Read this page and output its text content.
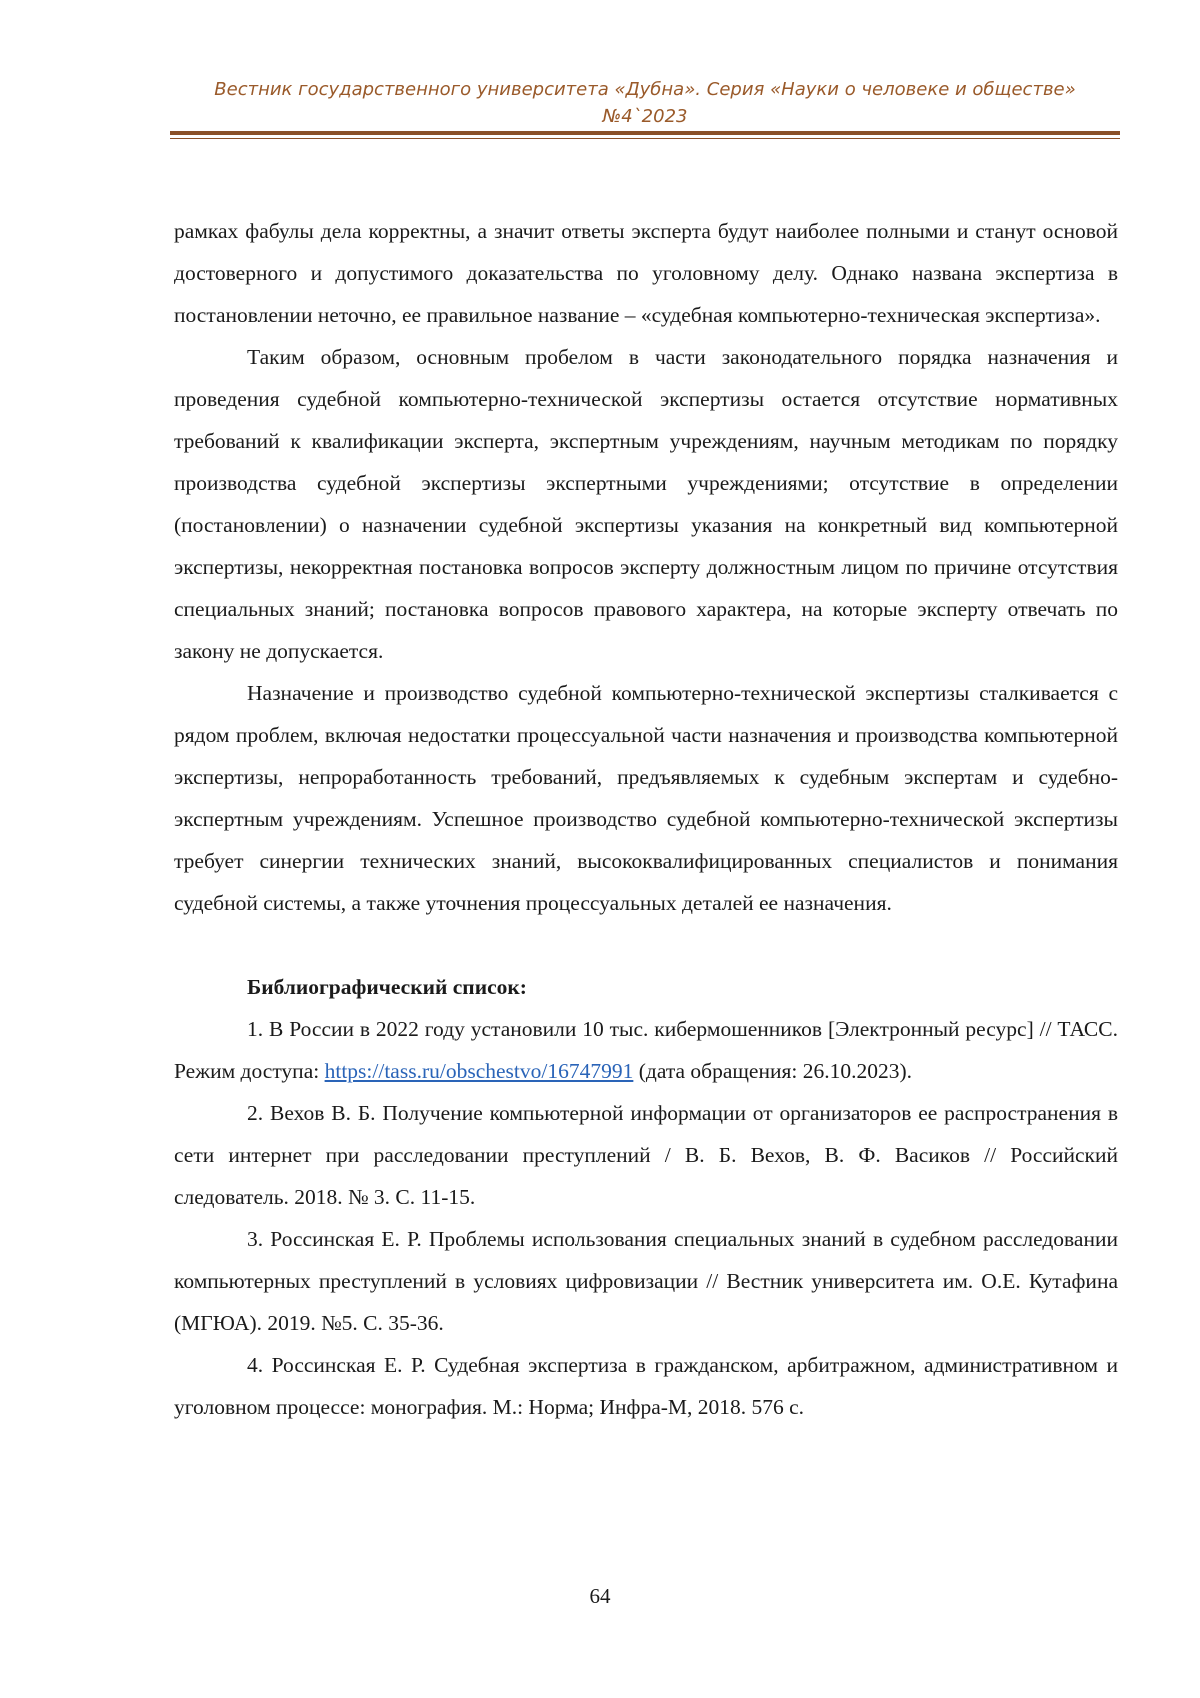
Вестник государственного университета «Дубна». Серия «Науки о человеке и обществе»
№4`2023

рамках фабулы дела корректны, а значит ответы эксперта будут наиболее полными и станут основой достоверного и допустимого доказательства по уголовному делу. Однако названа экспертиза в постановлении неточно, ее правильное название – «судебная компьютерно-техническая экспертиза».

Таким образом, основным пробелом в части законодательного порядка назначения и проведения судебной компьютерно-технической экспертизы остается отсутствие нормативных требований к квалификации эксперта, экспертным учреждениям, научным методикам по порядку производства судебной экспертизы экспертными учреждениями; отсутствие в определении (постановлении) о назначении судебной экспертизы указания на конкретный вид компьютерной экспертизы, некорректная постановка вопросов эксперту должностным лицом по причине отсутствия специальных знаний; постановка вопросов правового характера, на которые эксперту отвечать по закону не допускается.

Назначение и производство судебной компьютерно-технической экспертизы сталкивается с рядом проблем, включая недостатки процессуальной части назначения и производства компьютерной экспертизы, непроработанность требований, предъявляемых к судебным экспертам и судебно-экспертным учреждениям. Успешное производство судебной компьютерно-технической экспертизы требует синергии технических знаний, высококвалифицированных специалистов и понимания судебной системы, а также уточнения процессуальных деталей ее назначения.

Библиографический список:

1. В России в 2022 году установили 10 тыс. кибермошенников [Электронный ресурс] // ТАСС. Режим доступа: https://tass.ru/obschestvo/16747991 (дата обращения: 26.10.2023).

2. Вехов В. Б. Получение компьютерной информации от организаторов ее распространения в сети интернет при расследовании преступлений / В. Б. Вехов, В. Ф. Васиков // Российский следователь. 2018. № 3. С. 11-15.

3. Россинская Е. Р. Проблемы использования специальных знаний в судебном расследовании компьютерных преступлений в условиях цифровизации // Вестник университета им. О.Е. Кутафина (МГЮА). 2019. №5. С. 35-36.

4. Россинская Е. Р. Судебная экспертиза в гражданском, арбитражном, административном и уголовном процессе: монография. М.: Норма; Инфра-М, 2018. 576 с.

64
